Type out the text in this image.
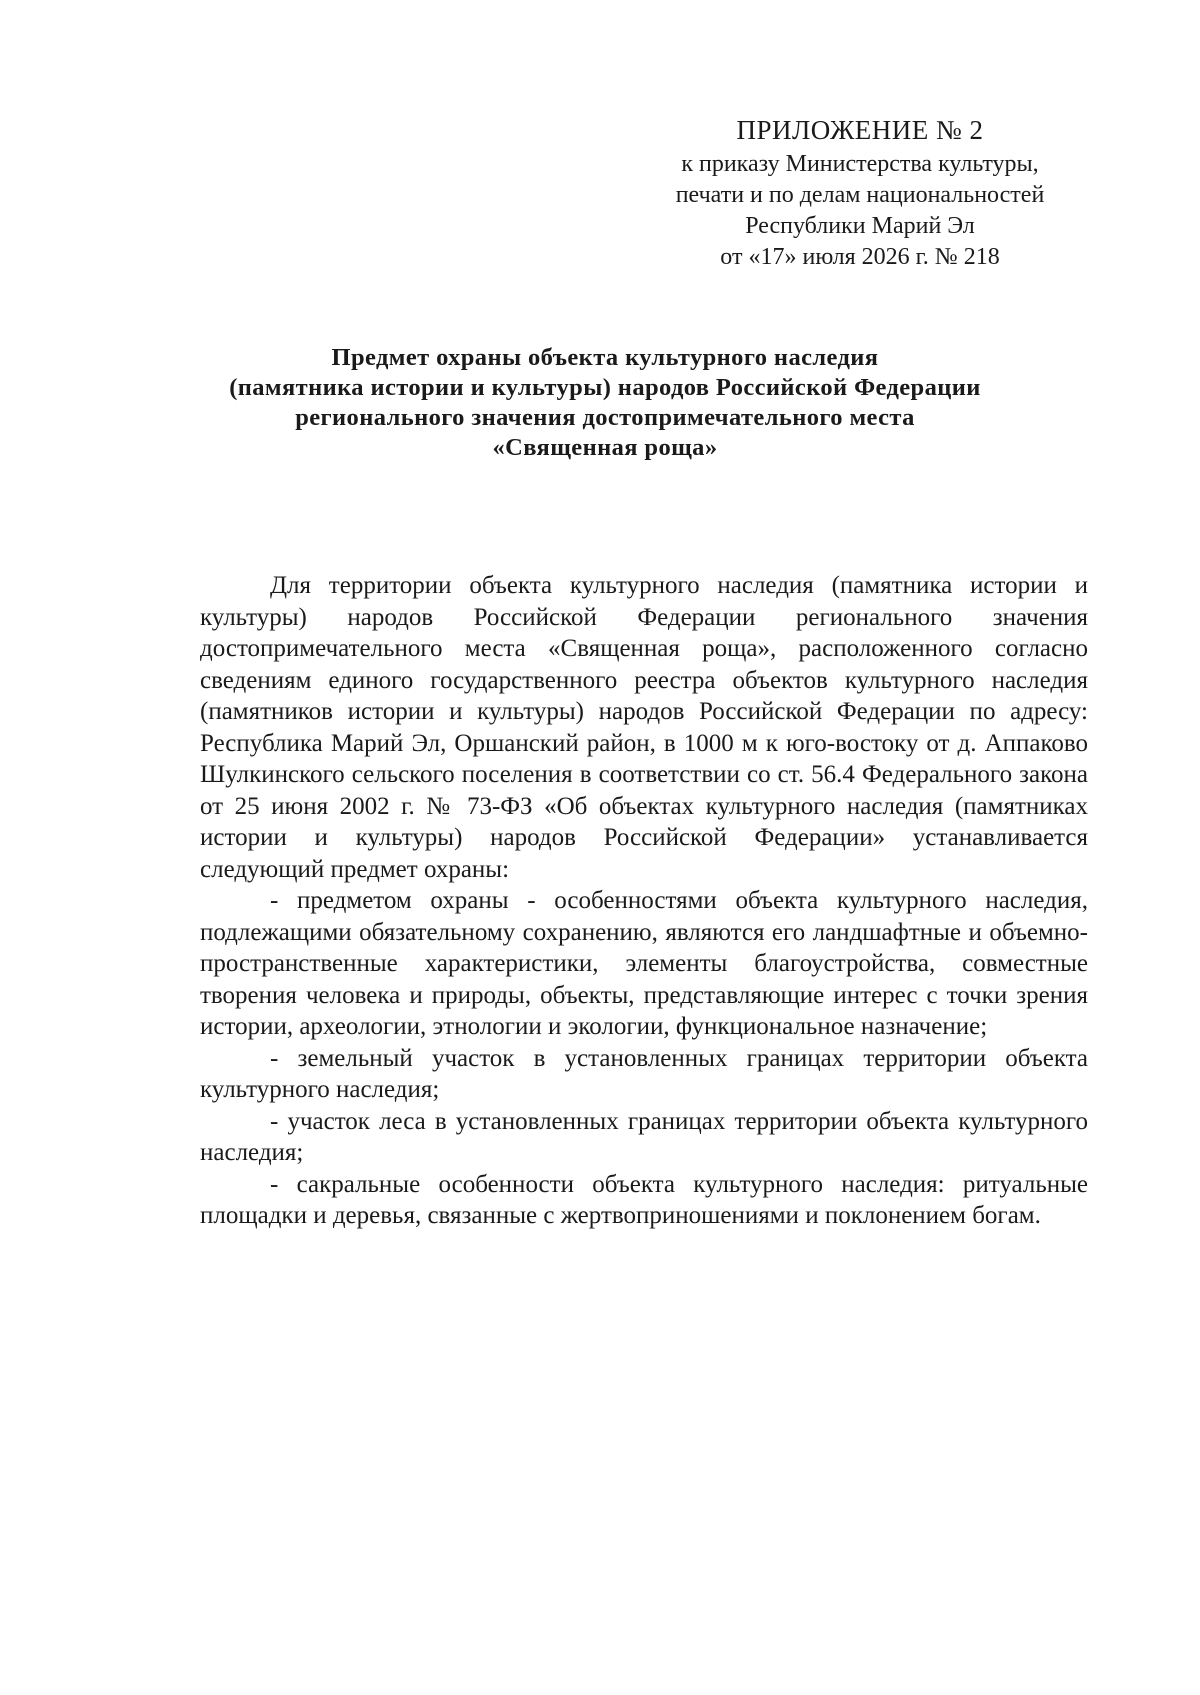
ПРИЛОЖЕНИЕ № 2
к приказу Министерства культуры,
печати и по делам национальностей
Республики Марий Эл
от «17» июля 2026 г. № 218
Предмет охраны объекта культурного наследия
(памятника истории и культуры) народов Российской Федерации
регионального значения достопримечательного места
«Священная роща»

Для территории объекта культурного наследия (памятника истории и культуры) народов Российской Федерации регионального значения достопримечательного места «Священная роща», расположенного согласно сведениям единого государственного реестра объектов культурного наследия (памятников истории и культуры) народов Российской Федерации по адресу: Республика Марий Эл, Оршанский район, в 1000 м к юго-востоку от д. Аппаково Шулкинского сельского поселения в соответствии со ст. 56.4 Федерального закона от 25 июня 2002 г. № 73-ФЗ «Об объектах культурного наследия (памятниках истории и культуры) народов Российской Федерации» устанавливается следующий предмет охраны:

- предметом охраны - особенностями объекта культурного наследия, подлежащими обязательному сохранению, являются его ландшафтные и объемно-пространственные характеристики, элементы благоустройства, совместные творения человека и природы, объекты, представляющие интерес с точки зрения истории, археологии, этнологии и экологии, функциональное назначение;

- земельный участок в установленных границах территории объекта культурного наследия;

- участок леса в установленных границах территории объекта культурного наследия;

- сакральные особенности объекта культурного наследия: ритуальные площадки и деревья, связанные с жертвоприношениями и поклонением богам.
